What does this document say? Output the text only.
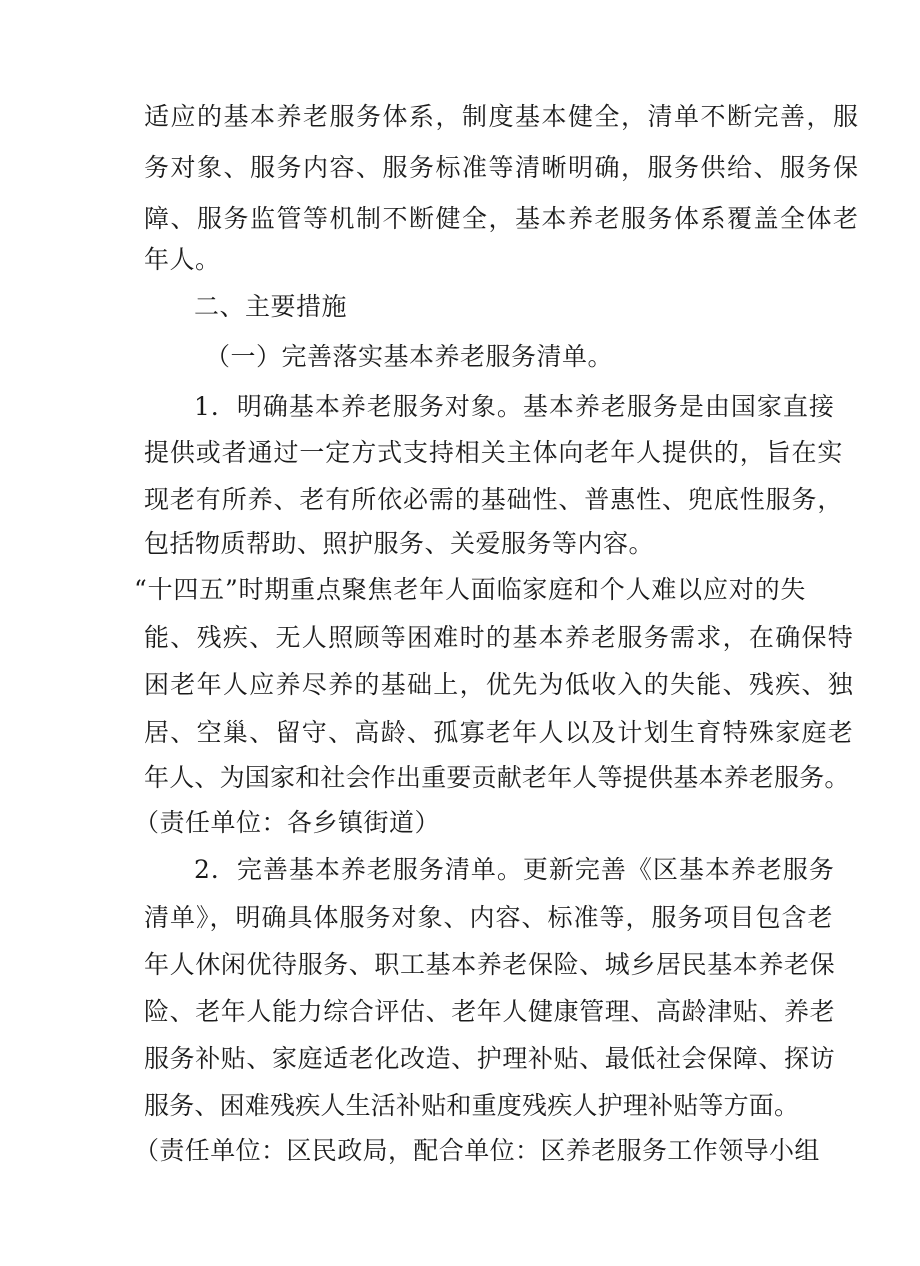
适应的基本养老服务体系，制度基本健全，清单不断完善，服
务对象、服务内容、服务标准等清晰明确，服务供给、服务保
障、服务监管等机制不断健全，基本养老服务体系覆盖全体老
年人。
二、主要措施
（一）完善落实基本养老服务清单。
1．明确基本养老服务对象。基本养老服务是由国家直接
提供或者通过一定方式支持相关主体向老年人提供的，旨在实
现老有所养、老有所依必需的基础性、普惠性、兜底性服务，
包括物质帮助、照护服务、关爱服务等内容。
“十四五”时期重点聚焦老年人面临家庭和个人难以应对的失
能、残疾、无人照顾等困难时的基本养老服务需求，在确保特
困老年人应养尽养的基础上，优先为低收入的失能、残疾、独
居、空巢、留守、高龄、孤寡老年人以及计划生育特殊家庭老
年人、为国家和社会作出重要贡献老年人等提供基本养老服务。
（责任单位：各乡镇街道）
2．完善基本养老服务清单。更新完善《区基本养老服务
清单》，明确具体服务对象、内容、标准等，服务项目包含老
年人休闲优待服务、职工基本养老保险、城乡居民基本养老保
险、老年人能力综合评估、老年人健康管理、高龄津贴、养老
服务补贴、家庭适老化改造、护理补贴、最低社会保障、探访
服务、困难残疾人生活补贴和重度残疾人护理补贴等方面。
（责任单位：区民政局，配合单位：区养老服务工作领导小组
